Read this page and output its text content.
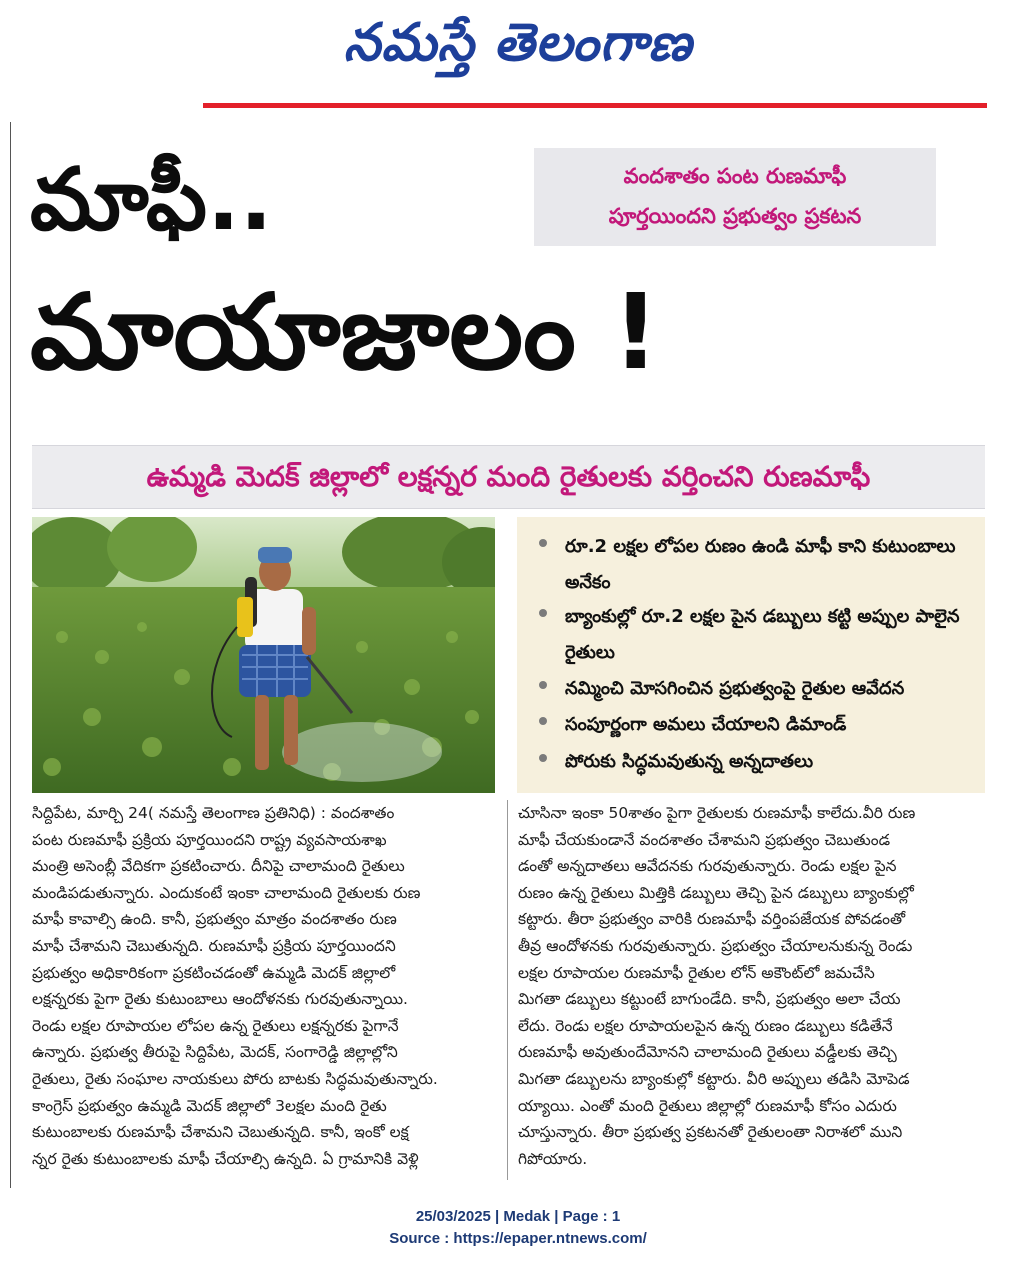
నమస్తే తెలంగాణ
మాఫీ..
మాయాజాలం !
వందశాతం పంట రుణమాఫీ
పూర్తయిందని ప్రభుత్వం ప్రకటన
ఉమ్మడి మెదక్ జిల్లాలో లక్షన్నర మంది రైతులకు వర్తించని రుణమాఫీ
రూ.2 లక్షల లోపల రుణం ఉండి మాఫీ కాని కుటుంబాలు అనేకం
బ్యాంకుల్లో రూ.2 లక్షల పైన డబ్బులు కట్టి అప్పుల పాలైన రైతులు
నమ్మించి మోసగించిన ప్రభుత్వంపై రైతుల ఆవేదన
సంపూర్ణంగా అమలు చేయాలని డిమాండ్
పోరుకు సిద్ధమవుతున్న అన్నదాతలు
సిద్దిపేట, మార్చి 24( నమస్తే తెలంగాణ ప్రతినిధి) : వందశాతం
పంట రుణమాఫీ ప్రక్రియ పూర్తయిందని రాష్ట్ర వ్యవసాయశాఖ
మంత్రి అసెంబ్లీ వేదికగా ప్రకటించారు. దీనిపై చాలామంది రైతులు
మండిపడుతున్నారు. ఎందుకంటే ఇంకా చాలామంది రైతులకు రుణ
మాఫీ కావాల్సి ఉంది. కానీ, ప్రభుత్వం మాత్రం వందశాతం రుణ
మాఫీ చేశామని చెబుతున్నది. రుణమాఫీ ప్రక్రియ పూర్తయిందని
ప్రభుత్వం అధికారికంగా ప్రకటించడంతో ఉమ్మడి మెదక్ జిల్లాలో
లక్షన్నరకు పైగా రైతు కుటుంబాలు ఆందోళనకు గురవుతున్నాయి.
రెండు లక్షల రూపాయల లోపల ఉన్న రైతులు లక్షన్నరకు పైగానే
ఉన్నారు. ప్రభుత్వ తీరుపై సిద్దిపేట, మెదక్, సంగారెడ్డి జిల్లాల్లోని
రైతులు, రైతు సంఘాల నాయకులు పోరు బాటకు సిద్ధమవుతున్నారు.
కాంగ్రెస్ ప్రభుత్వం ఉమ్మడి మెదక్ జిల్లాలో 3లక్షల మంది రైతు
కుటుంబాలకు రుణమాఫీ చేశామని చెబుతున్నది. కానీ, ఇంకో లక్ష
న్నర రైతు కుటుంబాలకు మాఫీ చేయాల్సి ఉన్నది. ఏ గ్రామానికి వెళ్లి
చూసినా ఇంకా 50శాతం పైగా రైతులకు రుణమాఫీ కాలేదు.వీరి రుణ
మాఫీ చేయకుండానే వందశాతం చేశామని ప్రభుత్వం చెబుతుండ
డంతో అన్నదాతలు ఆవేదనకు గురవుతున్నారు. రెండు లక్షల పైన
రుణం ఉన్న రైతులు మిత్తికి డబ్బులు తెచ్చి పైన డబ్బులు బ్యాంకుల్లో
కట్టారు. తీరా ప్రభుత్వం వారికి రుణమాఫీ వర్తింపజేయక పోవడంతో
తీవ్ర ఆందోళనకు గురవుతున్నారు. ప్రభుత్వం చేయాలనుకున్న రెండు
లక్షల రూపాయల రుణమాఫీ రైతుల లోన్ అకౌంట్‌లో జమచేసి
మిగతా డబ్బులు కట్టుంటే బాగుండేది. కానీ, ప్రభుత్వం అలా చేయ
లేదు. రెండు లక్షల రూపాయలపైన ఉన్న రుణం డబ్బులు కడితేనే
రుణమాఫీ అవుతుందేమోనని చాలామంది రైతులు వడ్డీలకు తెచ్చి
మిగతా డబ్బులను బ్యాంకుల్లో కట్టారు. వీరి అప్పులు తడిసి మోపెడ
య్యాయి. ఎంతో మంది రైతులు జిల్లాల్లో రుణమాఫీ కోసం ఎదురు
చూస్తున్నారు. తీరా ప్రభుత్వ ప్రకటనతో రైతులంతా నిరాశలో ముని
గిపోయారు.
25/03/2025 | Medak | Page : 1
Source : https://epaper.ntnews.com/
